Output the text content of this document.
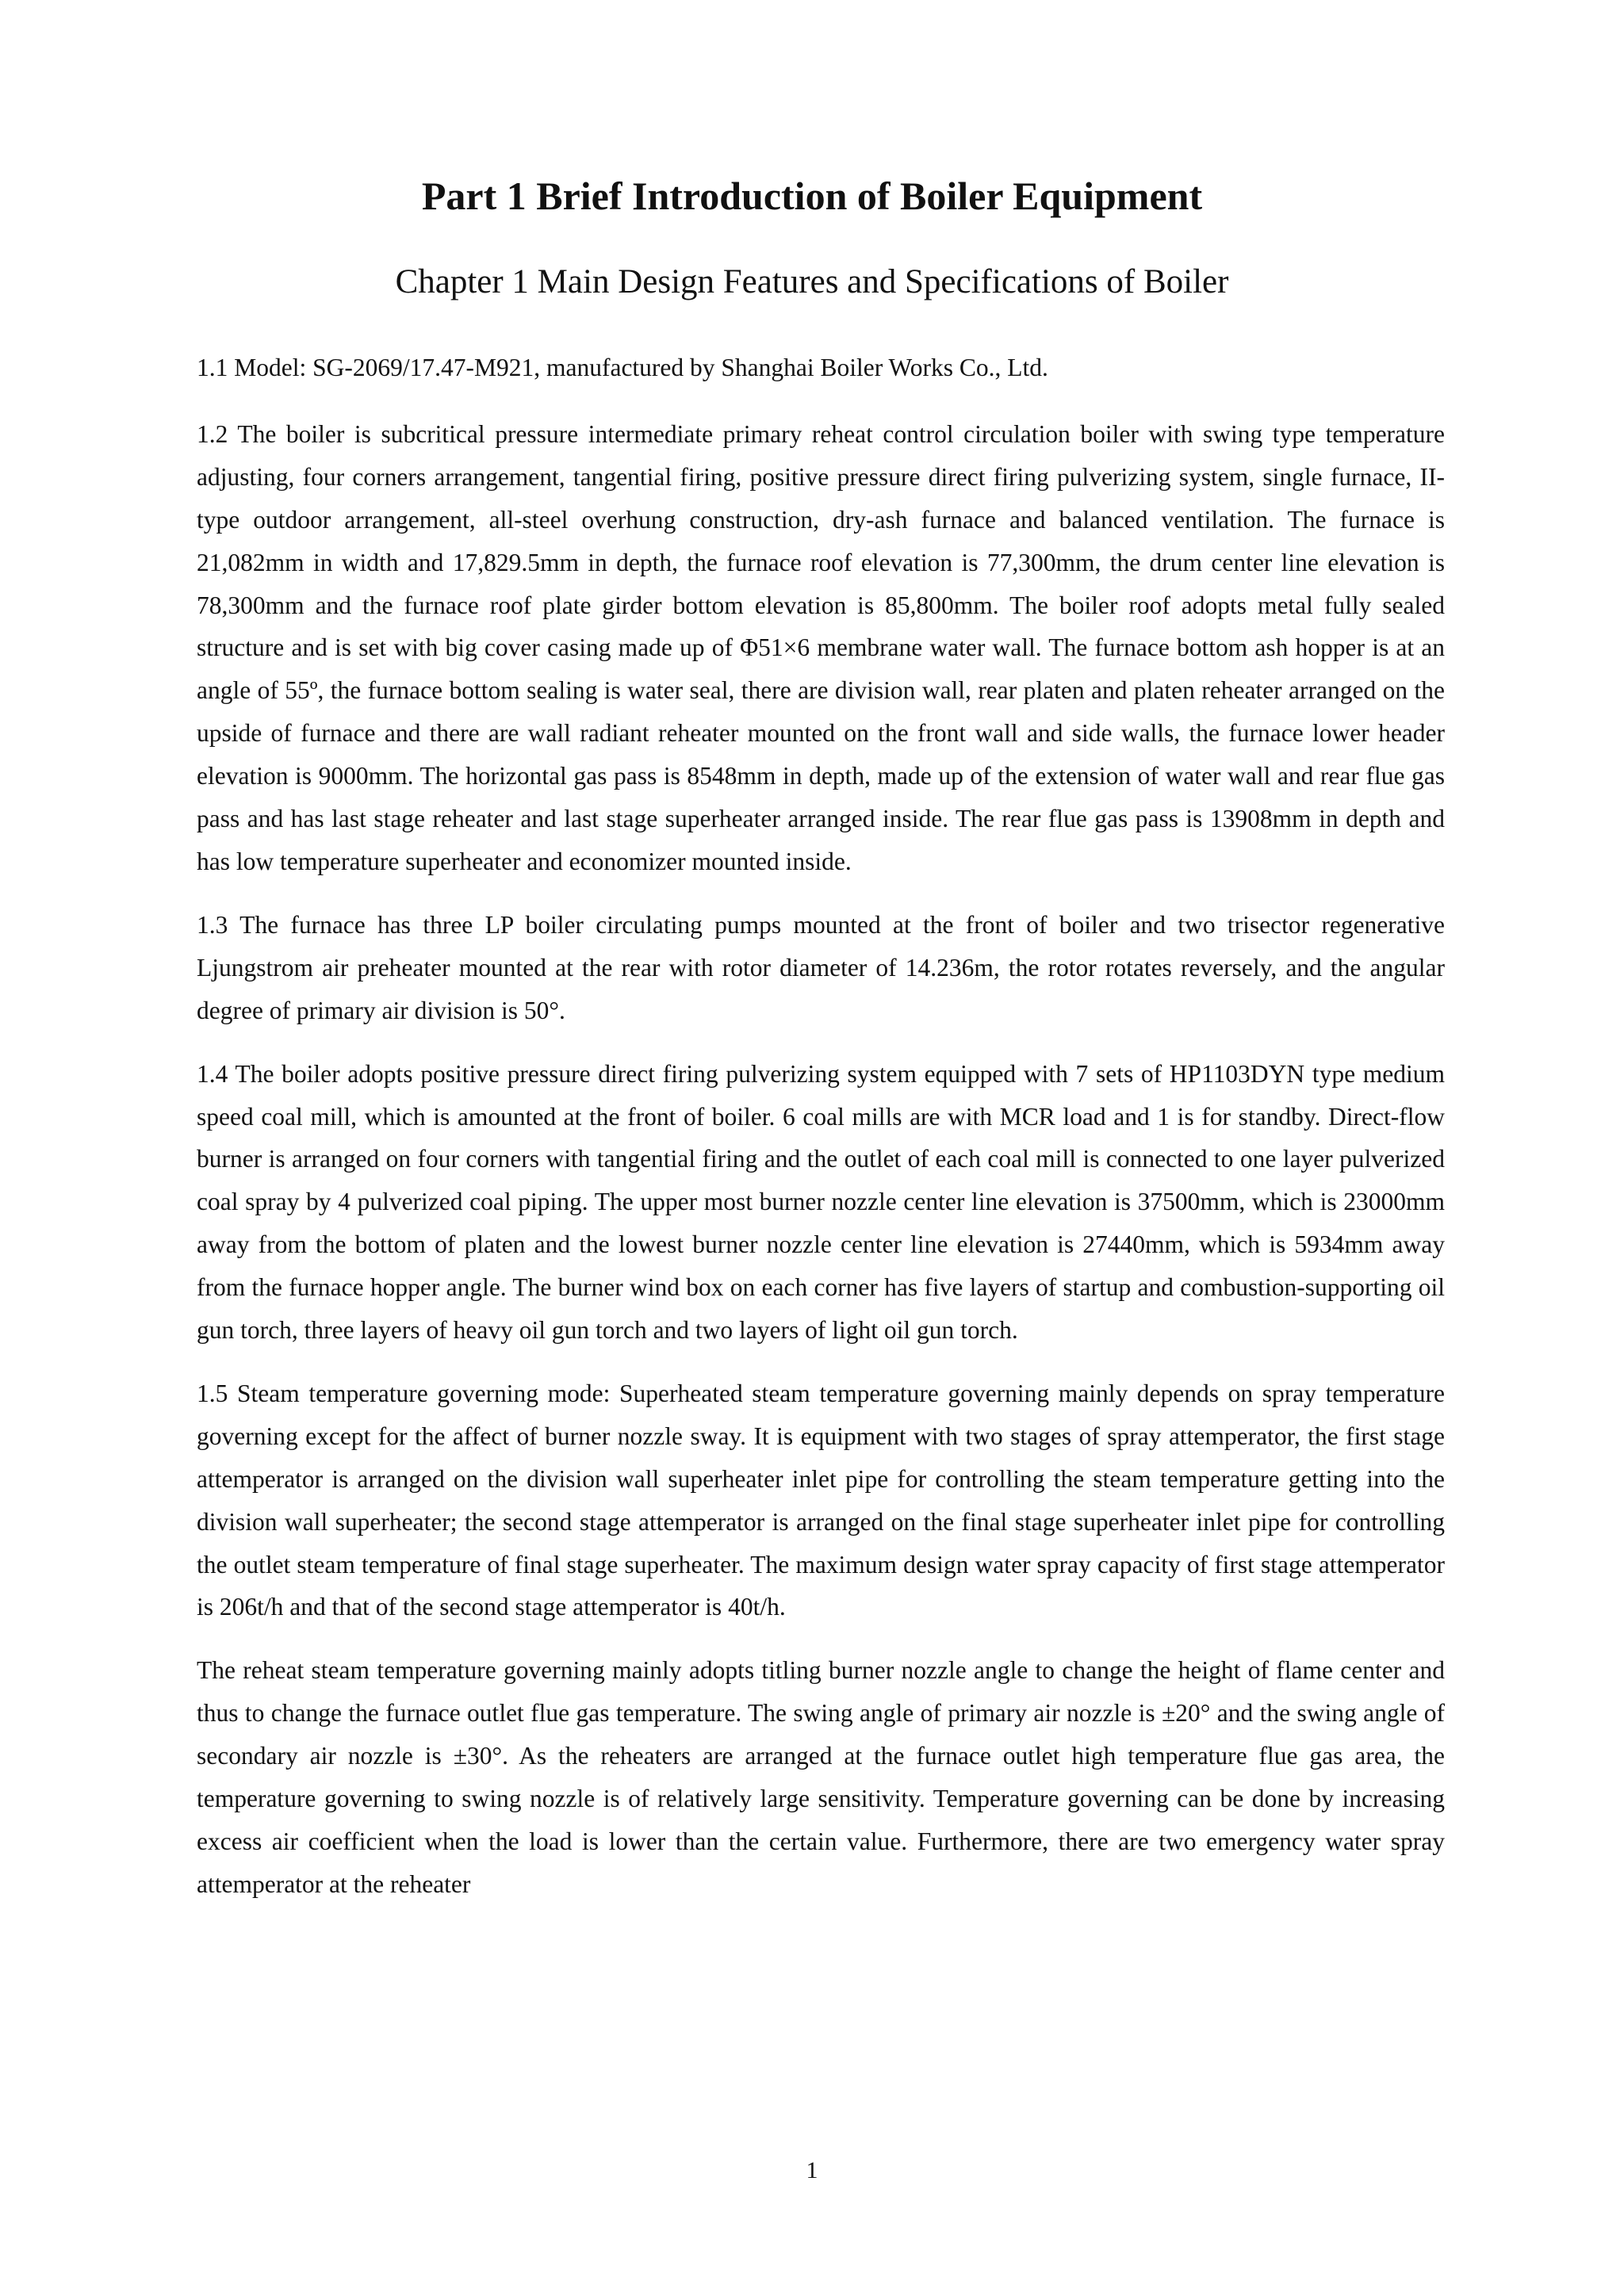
Part 1 Brief Introduction of Boiler Equipment
Chapter 1 Main Design Features and Specifications of Boiler

1.1 Model: SG-2069/17.47-M921, manufactured by Shanghai Boiler Works Co., Ltd.

1.2 The boiler is subcritical pressure intermediate primary reheat control circulation boiler with swing type temperature adjusting, four corners arrangement, tangential firing, positive pressure direct firing pulverizing system, single furnace, II-type outdoor arrangement, all-steel overhung construction, dry-ash furnace and balanced ventilation. The furnace is 21,082mm in width and 17,829.5mm in depth, the furnace roof elevation is 77,300mm, the drum center line elevation is 78,300mm and the furnace roof plate girder bottom elevation is 85,800mm. The boiler roof adopts metal fully sealed structure and is set with big cover casing made up of Φ51×6 membrane water wall. The furnace bottom ash hopper is at an angle of 55º, the furnace bottom sealing is water seal, there are division wall, rear platen and platen reheater arranged on the upside of furnace and there are wall radiant reheater mounted on the front wall and side walls, the furnace lower header elevation is 9000mm. The horizontal gas pass is 8548mm in depth, made up of the extension of water wall and rear flue gas pass and has last stage reheater and last stage superheater arranged inside. The rear flue gas pass is 13908mm in depth and has low temperature superheater and economizer mounted inside.

1.3 The furnace has three LP boiler circulating pumps mounted at the front of boiler and two trisector regenerative Ljungstrom air preheater mounted at the rear with rotor diameter of 14.236m, the rotor rotates reversely, and the angular degree of primary air division is 50°.

1.4 The boiler adopts positive pressure direct firing pulverizing system equipped with 7 sets of HP1103DYN type medium speed coal mill, which is amounted at the front of boiler. 6 coal mills are with MCR load and 1 is for standby. Direct-flow burner is arranged on four corners with tangential firing and the outlet of each coal mill is connected to one layer pulverized coal spray by 4 pulverized coal piping. The upper most burner nozzle center line elevation is 37500mm, which is 23000mm away from the bottom of platen and the lowest burner nozzle center line elevation is 27440mm, which is 5934mm away from the furnace hopper angle. The burner wind box on each corner has five layers of startup and combustion-supporting oil gun torch, three layers of heavy oil gun torch and two layers of light oil gun torch.

1.5 Steam temperature governing mode: Superheated steam temperature governing mainly depends on spray temperature governing except for the affect of burner nozzle sway. It is equipment with two stages of spray attemperator, the first stage attemperator is arranged on the division wall superheater inlet pipe for controlling the steam temperature getting into the division wall superheater; the second stage attemperator is arranged on the final stage superheater inlet pipe for controlling the outlet steam temperature of final stage superheater. The maximum design water spray capacity of first stage attemperator is 206t/h and that of the second stage attemperator is 40t/h.

The reheat steam temperature governing mainly adopts titling burner nozzle angle to change the height of flame center and thus to change the furnace outlet flue gas temperature. The swing angle of primary air nozzle is ±20° and the swing angle of secondary air nozzle is ±30°. As the reheaters are arranged at the furnace outlet high temperature flue gas area, the temperature governing to swing nozzle is of relatively large sensitivity. Temperature governing can be done by increasing excess air coefficient when the load is lower than the certain value. Furthermore, there are two emergency water spray attemperator at the reheater

1
